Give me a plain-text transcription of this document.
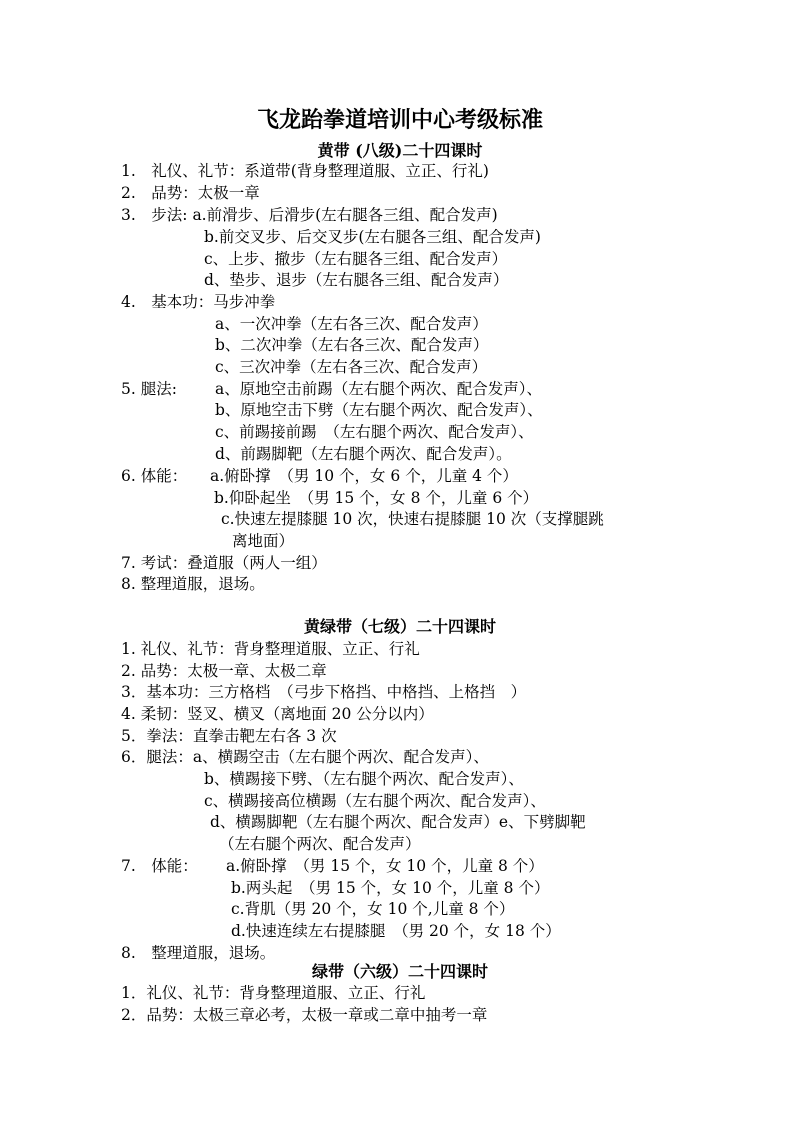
飞龙跆拳道培训中心考级标准
黄带 (八级)二十四课时
1.　礼仪、礼节：系道带(背身整理道服、立正、行礼)
2.　品势：太极一章
3.　步法: a.前滑步、后滑步(左右腿各三组、配合发声)
b.前交叉步、后交叉步(左右腿各三组、配合发声)
c、上步、撤步（左右腿各三组、配合发声）
d、垫步、退步（左右腿各三组、配合发声）
4.　基本功：马步冲拳
a、一次冲拳（左右各三次、配合发声）
b、二次冲拳（左右各三次、配合发声）
c、三次冲拳（左右各三次、配合发声）
5. 腿法: a、原地空击前踢（左右腿个两次、配合发声）、
b、原地空击下劈（左右腿个两次、配合发声）、
c、前踢接前踢　（左右腿个两次、配合发声）、
d、前踢脚靶（左右腿个两次、配合发声）。
6. 体能： a.俯卧撑　（男 10 个，女 6 个，儿童 4 个）
b.仰卧起坐　（男 15 个，女 8 个，儿童 6 个）
c.快速左提膝腿 10 次，快速右提膝腿 10 次（支撑腿跳
离地面）
7. 考试：叠道服（两人一组）
8. 整理道服，退场。
黄绿带（七级）二十四课时
1. 礼仪、礼节：背身整理道服、立正、行礼
2. 品势：太极一章、太极二章
3．基本功：三方格档　（弓步下格挡、中格挡、上格挡　）
4. 柔韧：竖叉、横叉（离地面 20 公分以内）
5．拳法：直拳击靶左右各 3 次
6．腿法：a、横踢空击（左右腿个两次、配合发声）、
b、横踢接下劈、（左右腿个两次、配合发声）、
c、横踢接高位横踢（左右腿个两次、配合发声）、
d、横踢脚靶（左右腿个两次、配合发声）e、下劈脚靶
（左右腿个两次、配合发声）
7.　体能： a.俯卧撑　（男 15 个，女 10 个，儿童 8 个）
b.两头起　（男 15 个，女 10 个，儿童 8 个）
c.背肌（男 20 个，女 10 个,儿童 8 个）
d.快速连续左右提膝腿　（男 20 个，女 18 个）
8.　整理道服，退场。
绿带（六级）二十四课时
1．礼仪、礼节：背身整理道服、立正、行礼
2．品势：太极三章必考，太极一章或二章中抽考一章
